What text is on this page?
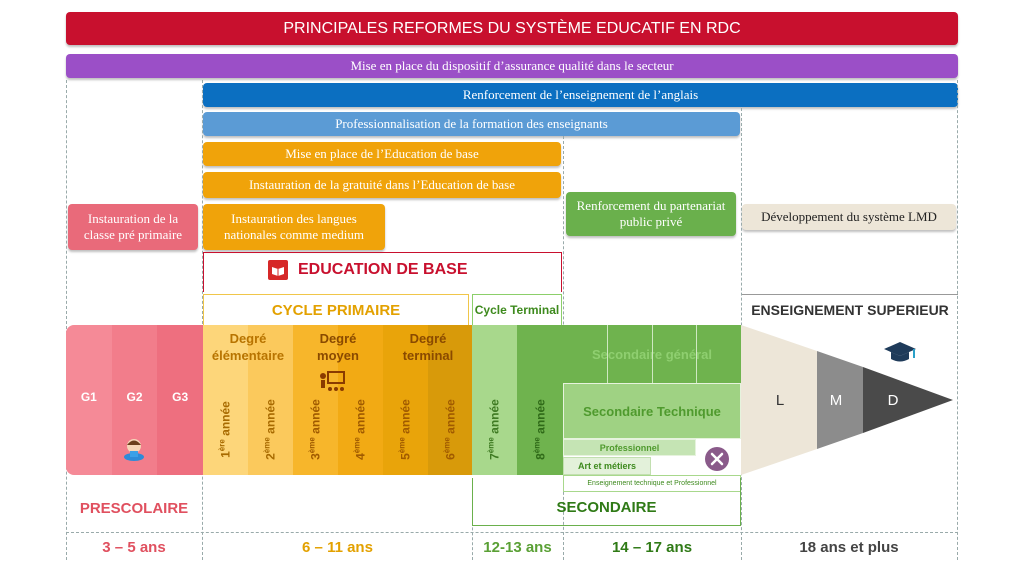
PRINCIPALES REFORMES DU SYSTÈME EDUCATIF EN RDC
Mise en place du dispositif d’assurance qualité dans le secteur
Renforcement de l’enseignement de l’anglais
Professionnalisation de la formation des enseignants
Mise en place de l’Education de base
Instauration de la gratuité dans l’Education de base
Instauration de la classe pré primaire
Instauration des langues nationales comme medium
Renforcement du partenariat public privé	Développement du système LMD
EDUCATION DE BASE
CYCLE PRIMAIRE	Cycle Terminal	ENSEIGNEMENT SUPERIEUR
G1 G2 G3
Degré élémentaire
Degré moyen
Degré terminal
1ère année
2ème année
3ème année
4ème année
5ème année
6ème année
7ème année
8ème année
Secondaire général
Secondaire Technique
Professionnel
Art et métiers
Enseignement technique et Professionnel
L	M	D
PRESCOLAIRE	SECONDAIRE
3 – 5 ans	6 – 11 ans	12-13 ans	14 – 17 ans	18 ans et plus
